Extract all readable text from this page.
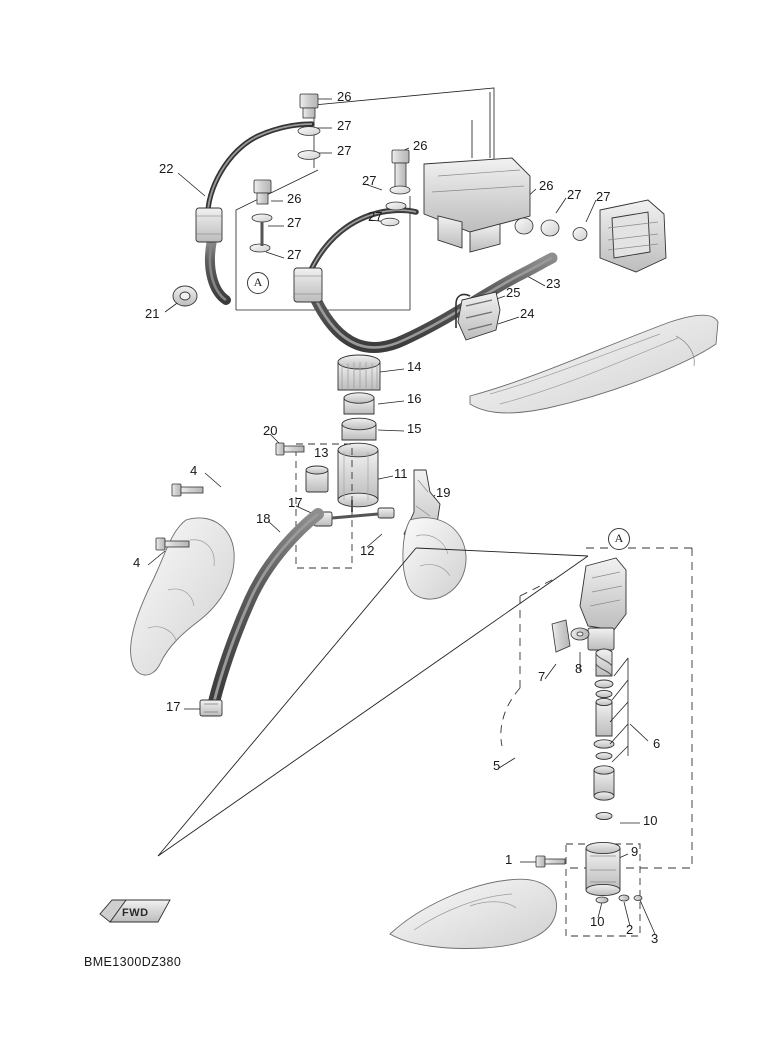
26
27
27	26
22
26
27	26
27 27
27	27
27
23
25
24
21
14
16
15
20
13
11
4
19
17
18
12
4
7
8
6
17
5
10
1
9
10
2
3
A
A
FWD
BME1300DZ380
